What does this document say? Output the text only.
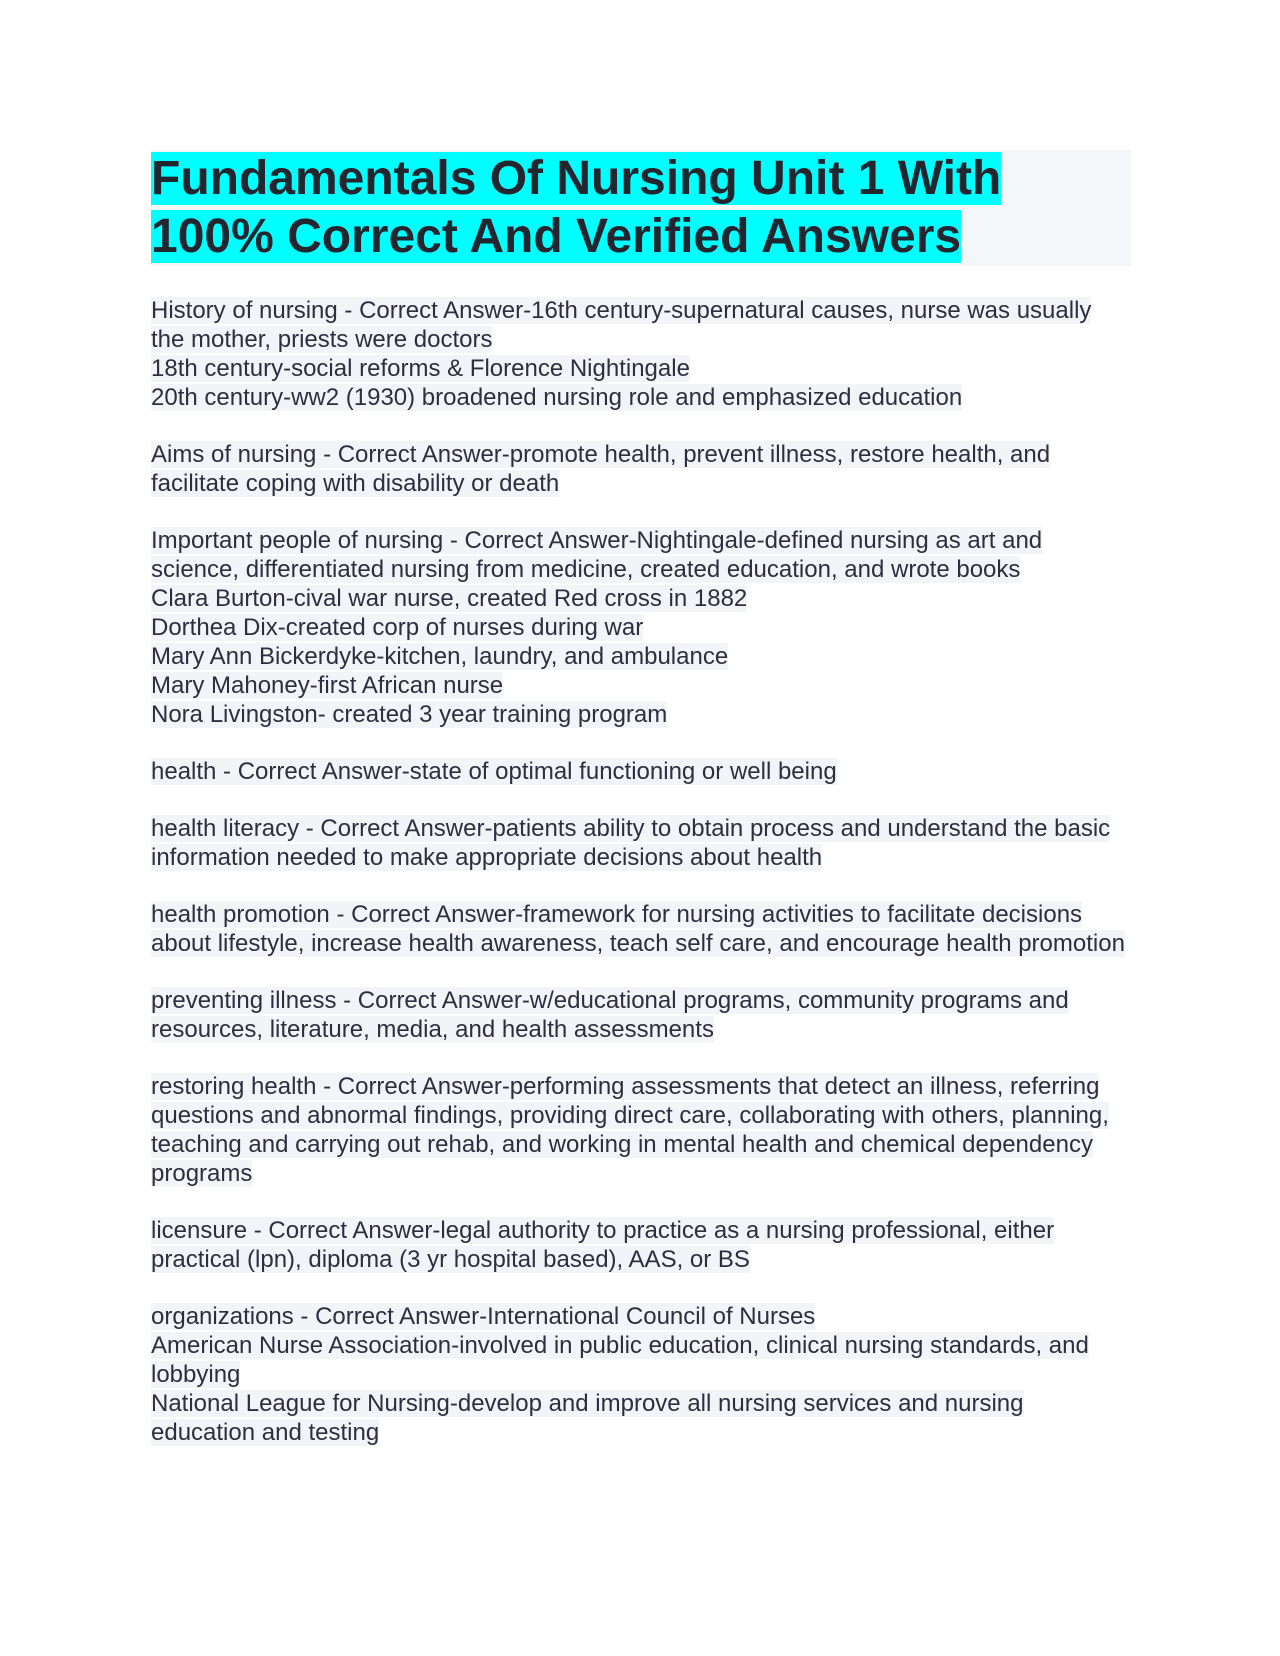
Fundamentals Of Nursing Unit 1 With 100% Correct And Verified Answers
History of nursing - Correct Answer-16th century-supernatural causes, nurse was usually the mother, priests were doctors
18th century-social reforms & Florence Nightingale
20th century-ww2 (1930) broadened nursing role and emphasized education
Aims of nursing - Correct Answer-promote health, prevent illness, restore health, and facilitate coping with disability or death
Important people of nursing - Correct Answer-Nightingale-defined nursing as art and science, differentiated nursing from medicine, created education, and wrote books
Clara Burton-cival war nurse, created Red cross in 1882
Dorthea Dix-created corp of nurses during war
Mary Ann Bickerdyke-kitchen, laundry, and ambulance
Mary Mahoney-first African nurse
Nora Livingston- created 3 year training program
health - Correct Answer-state of optimal functioning or well being
health literacy - Correct Answer-patients ability to obtain process and understand the basic information needed to make appropriate decisions about health
health promotion - Correct Answer-framework for nursing activities to facilitate decisions about lifestyle, increase health awareness, teach self care, and encourage health promotion
preventing illness - Correct Answer-w/educational programs, community programs and resources, literature, media, and health assessments
restoring health - Correct Answer-performing assessments that detect an illness, referring questions and abnormal findings, providing direct care, collaborating with others, planning, teaching and carrying out rehab, and working in mental health and chemical dependency programs
licensure - Correct Answer-legal authority to practice as a nursing professional, either practical (lpn), diploma (3 yr hospital based), AAS, or BS
organizations - Correct Answer-International Council of Nurses
American Nurse Association-involved in public education, clinical nursing standards, and lobbying
National League for Nursing-develop and improve all nursing services and nursing education and testing
